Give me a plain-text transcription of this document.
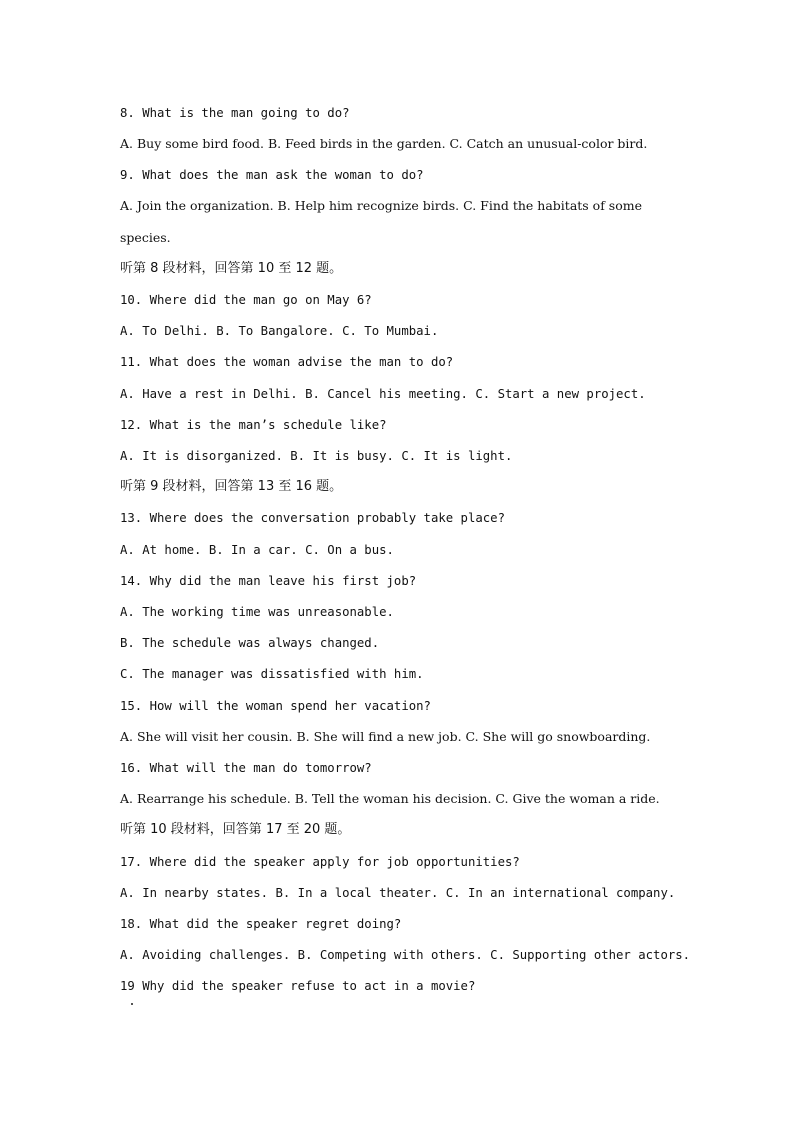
8. What is the man going to do?
A. Buy some bird food. B. Feed birds in the garden. C. Catch an unusual-color bird.
9. What does the man ask the woman to do?
A. Join the organization. B. Help him recognize birds. C. Find the habitats of some
species.
听第 8 段材料，回答第 10 至 12 题。
10. Where did the man go on May 6?
A. To Delhi. B. To Bangalore. C. To Mumbai.
11. What does the woman advise the man to do?
A. Have a rest in Delhi. B. Cancel his meeting. C. Start a new project.
12. What is the man’s schedule like?
A. It is disorganized. B. It is busy. C. It is light.
听第 9 段材料，回答第 13 至 16 题。
13. Where does the conversation probably take place?
A. At home. B. In a car. C. On a bus.
14. Why did the man leave his first job?
A. The working time was unreasonable.
B. The schedule was always changed.
C. The manager was dissatisfied with him.
15. How will the woman spend her vacation?
A. She will visit her cousin. B. She will find a new job. C. She will go snowboarding.
16. What will the man do tomorrow?
A. Rearrange his schedule. B. Tell the woman his decision. C. Give the woman a ride.
听第 10 段材料，回答第 17 至 20 题。
17. Where did the speaker apply for job opportunities?
A. In nearby states. B. In a local theater. C. In an international company.
18. What did the speaker regret doing?
A. Avoiding challenges. B. Competing with others. C. Supporting other actors.
19 Why did the speaker refuse to act in a movie?
